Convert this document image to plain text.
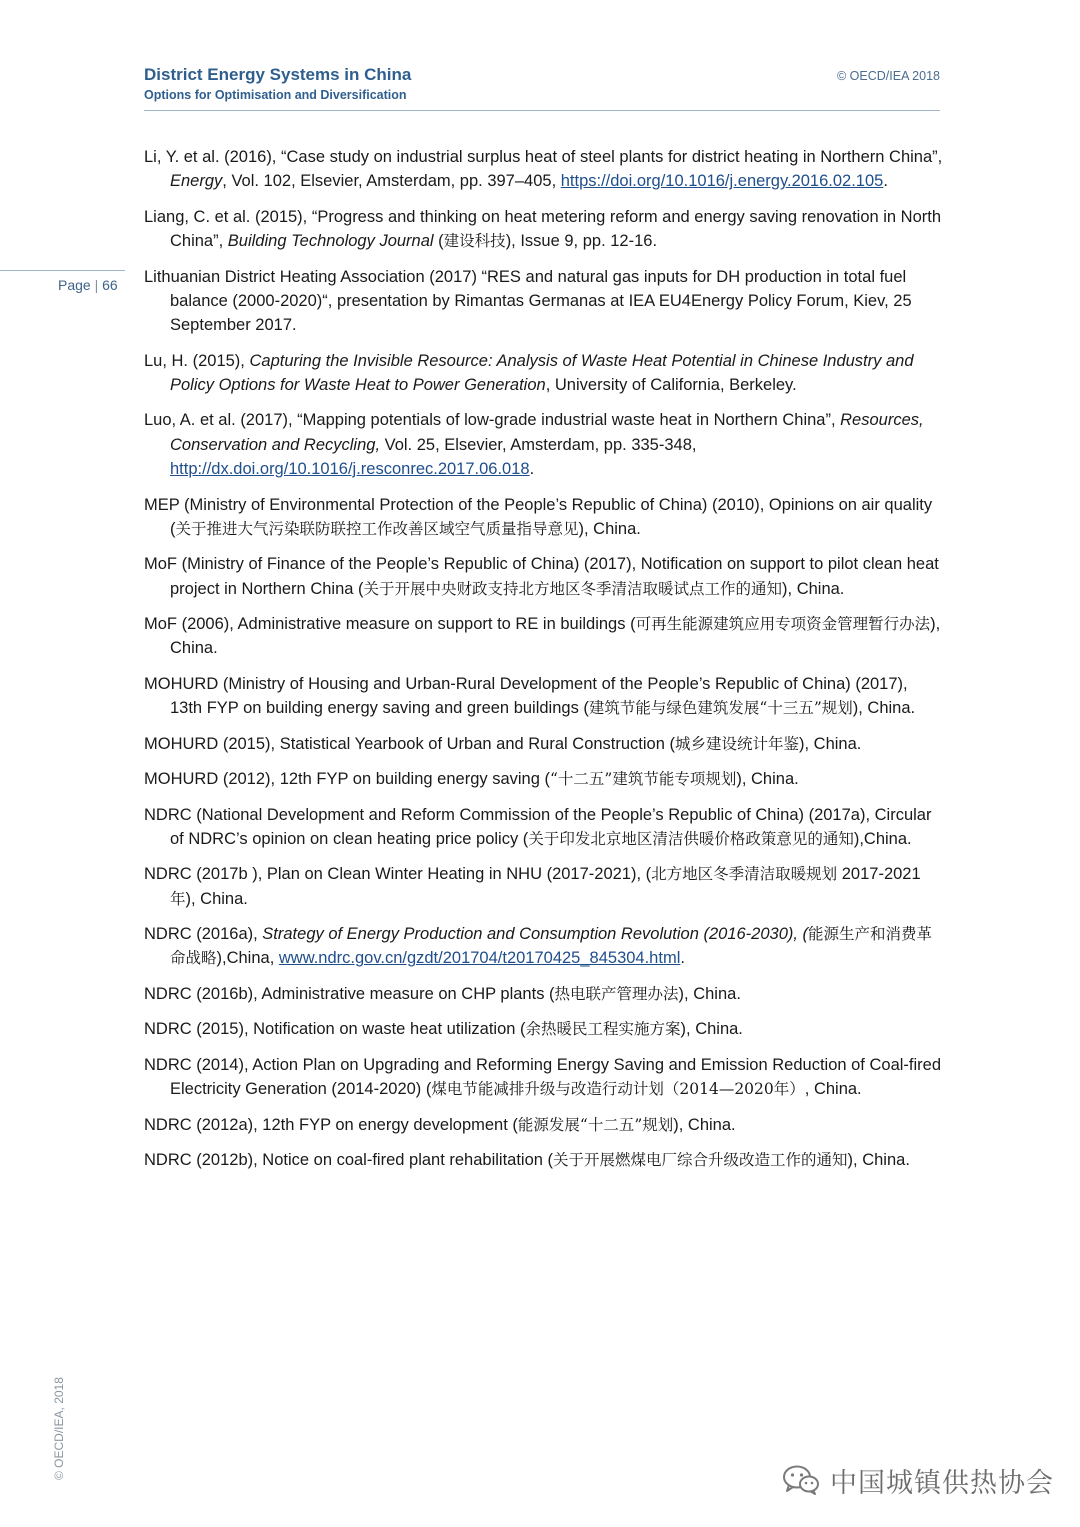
District Energy Systems in China
Options for Optimisation and Diversification
© OECD/IEA 2018
Page | 66
© OECD/IEA, 2018
Li, Y. et al. (2016), “Case study on industrial surplus heat of steel plants for district heating in Northern China”, Energy, Vol. 102, Elsevier, Amsterdam, pp. 397–405, https://doi.org/10.1016/j.energy.2016.02.105.
Liang, C. et al. (2015), “Progress and thinking on heat metering reform and energy saving renovation in North China”, Building Technology Journal (建设科技), Issue 9, pp. 12-16.
Lithuanian District Heating Association (2017) “RES and natural gas inputs for DH production in total fuel balance (2000-2020)“, presentation by Rimantas Germanas at IEA EU4Energy Policy Forum, Kiev, 25 September 2017.
Lu, H. (2015), Capturing the Invisible Resource: Analysis of Waste Heat Potential in Chinese Industry and Policy Options for Waste Heat to Power Generation, University of California, Berkeley.
Luo, A. et al. (2017), “Mapping potentials of low-grade industrial waste heat in Northern China”, Resources, Conservation and Recycling, Vol. 25, Elsevier, Amsterdam, pp. 335-348, http://dx.doi.org/10.1016/j.resconrec.2017.06.018.
MEP (Ministry of Environmental Protection of the People’s Republic of China) (2010), Opinions on air quality (关于推进大气污染联防联控工作改善区域空气质量指导意见), China.
MoF (Ministry of Finance of the People’s Republic of China) (2017), Notification on support to pilot clean heat project in Northern China (关于开展中央财政支持北方地区冬季清洁取暖试点工作的通知), China.
MoF (2006), Administrative measure on support to RE in buildings (可再生能源建筑应用专项资金管理暂行办法), China.
MOHURD (Ministry of Housing and Urban-Rural Development of the People’s Republic of China) (2017), 13th FYP on building energy saving and green buildings (建筑节能与绿色建筑发展“十三五”规划), China.
MOHURD (2015), Statistical Yearbook of Urban and Rural Construction (城乡建设统计年鉴), China.
MOHURD (2012), 12th FYP on building energy saving (“十二五”建筑节能专项规划), China.
NDRC (National Development and Reform Commission of the People’s Republic of China) (2017a), Circular of NDRC’s opinion on clean heating price policy (关于印发北京地区清洁供暖价格政策意见的通知),China.
NDRC (2017b ), Plan on Clean Winter Heating in NHU (2017-2021), (北方地区冬季清洁取暖规划 2017-2021 年), China.
NDRC (2016a), Strategy of Energy Production and Consumption Revolution (2016-2030), (能源生产和消费革命战略),China, www.ndrc.gov.cn/gzdt/201704/t20170425_845304.html.
NDRC (2016b), Administrative measure on CHP plants (热电联产管理办法), China.
NDRC (2015), Notification on waste heat utilization (余热暖民工程实施方案), China.
NDRC (2014), Action Plan on Upgrading and Reforming Energy Saving and Emission Reduction of Coal-fired Electricity Generation (2014-2020) (煤电节能减排升级与改造行动计划（2014—2020年）, China.
NDRC (2012a), 12th FYP on energy development (能源发展“十二五”规划), China.
NDRC (2012b), Notice on coal-fired plant rehabilitation (关于开展燃煤电厂综合升级改造工作的通知), China.
中国城镇供热协会
